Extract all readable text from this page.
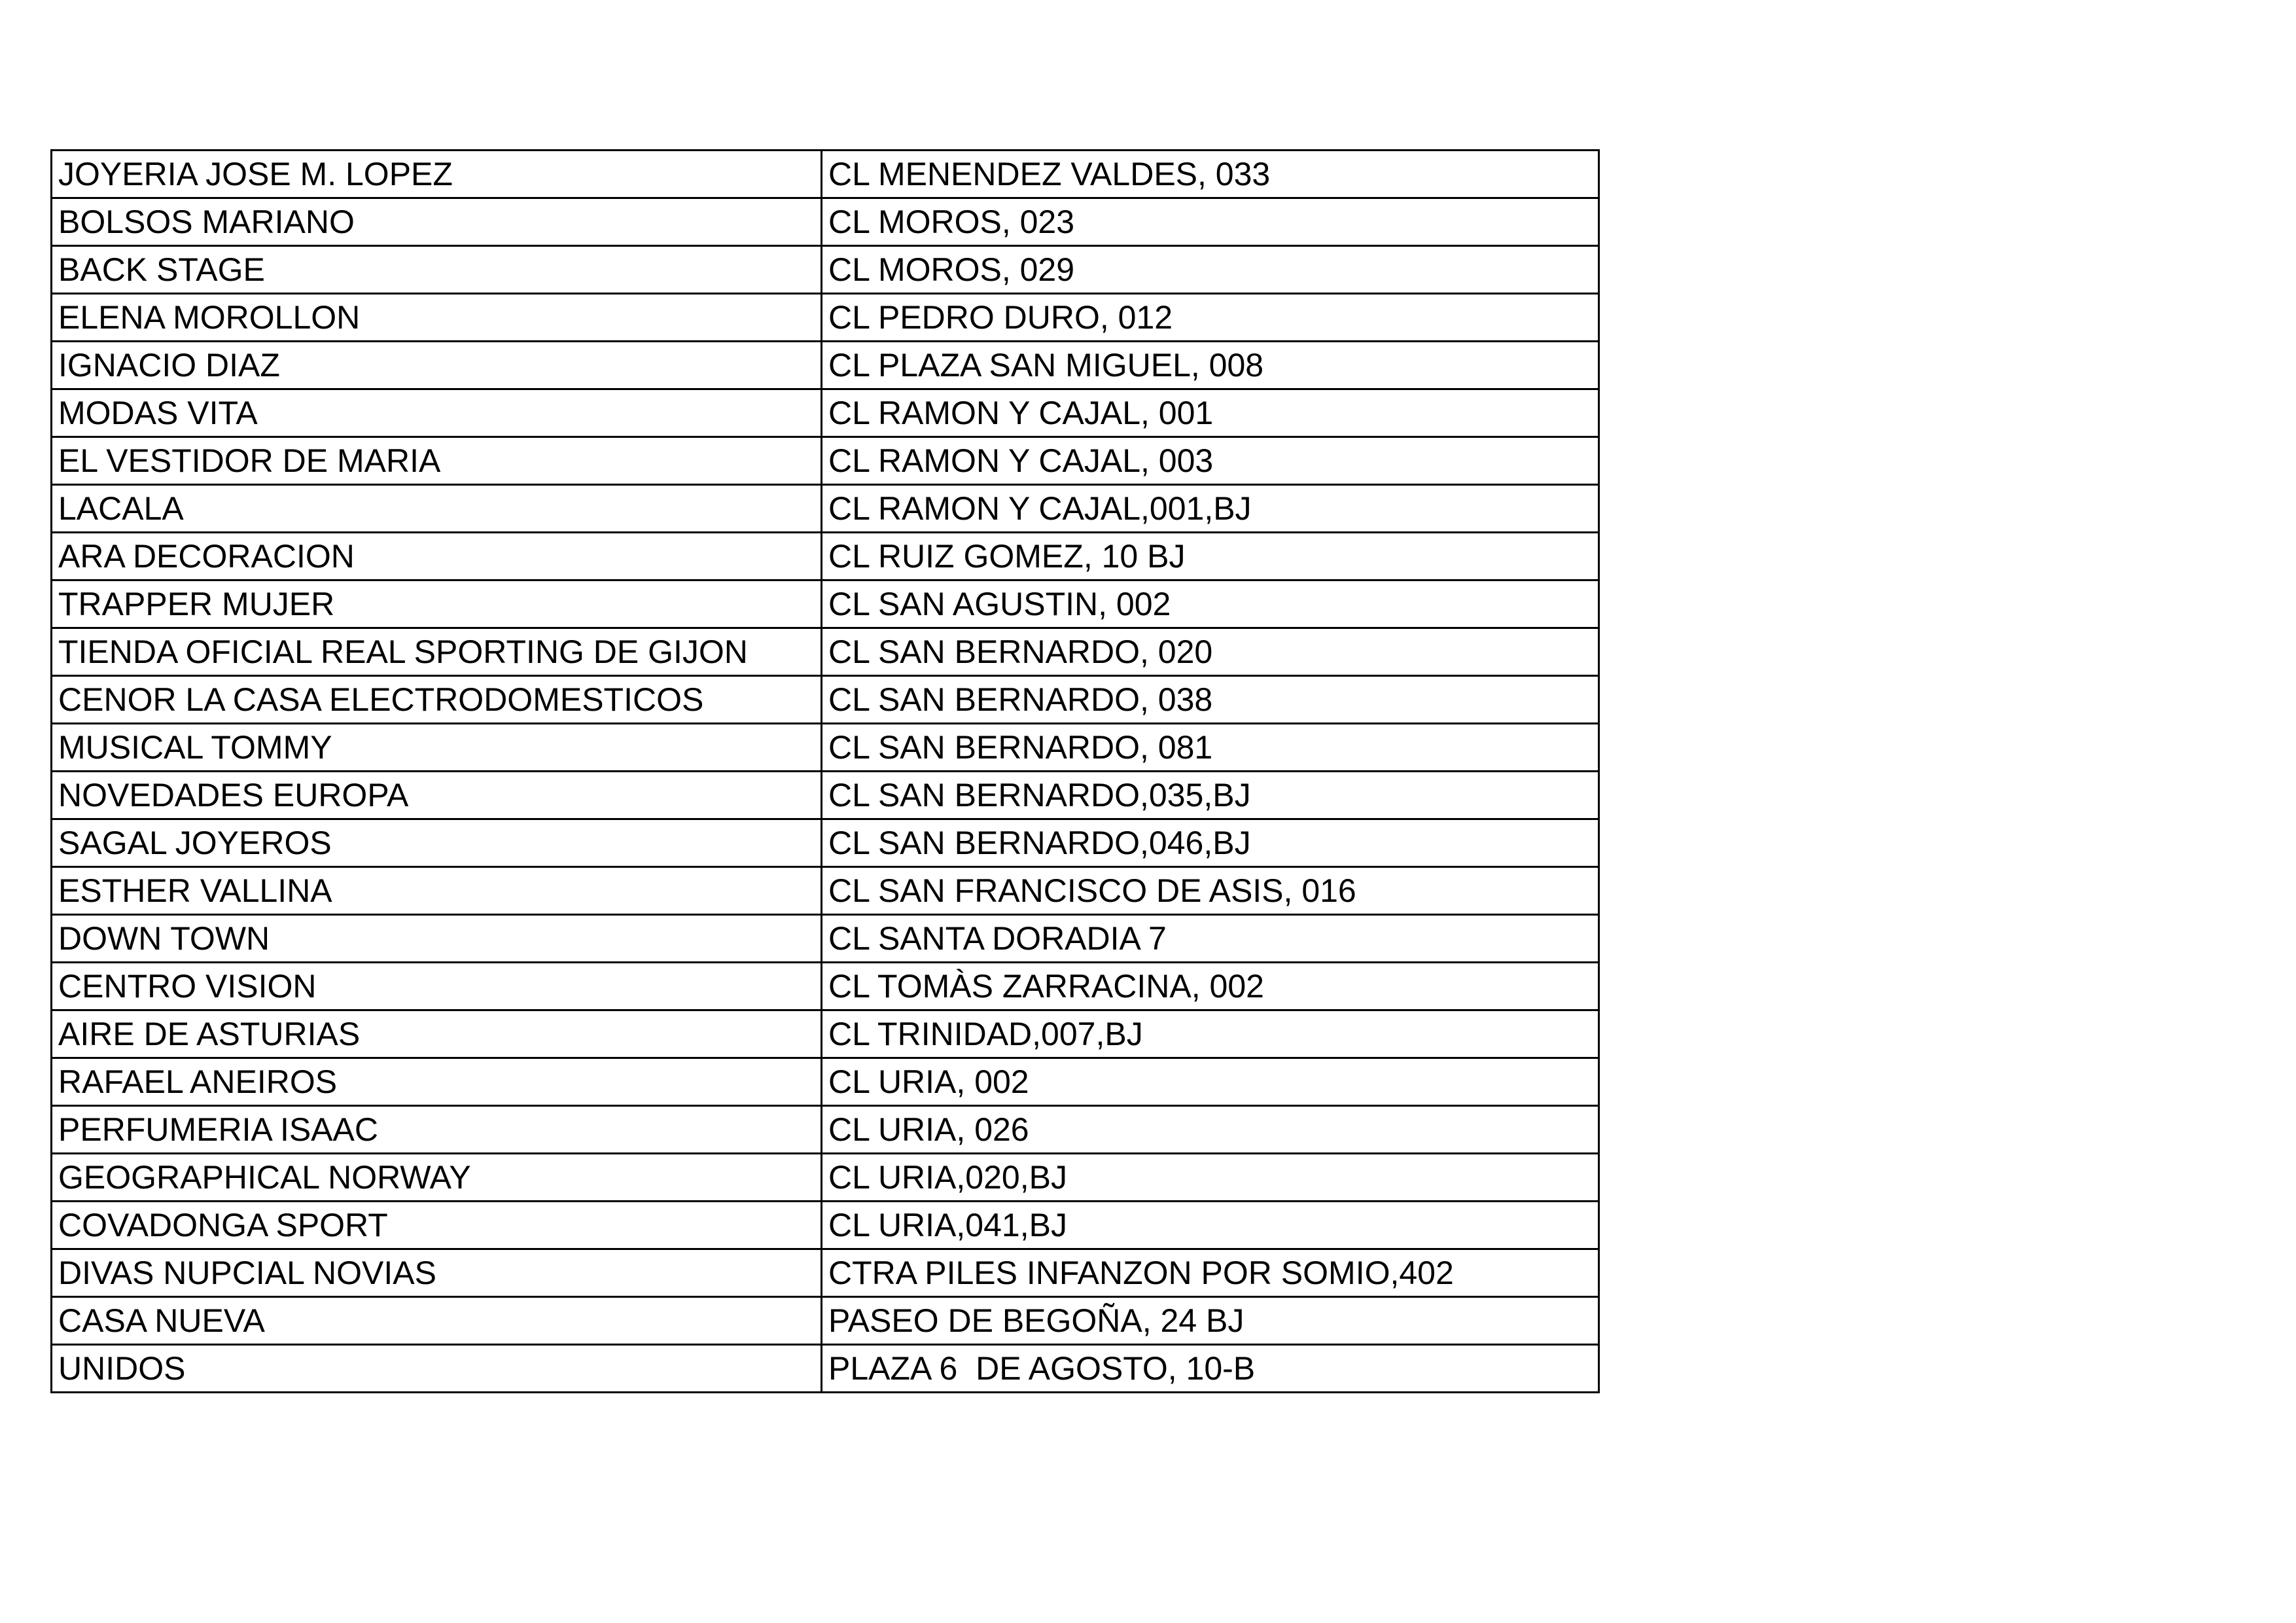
JOYERIA JOSE M. LOPEZ	CL MENENDEZ VALDES, 033
BOLSOS MARIANO	CL MOROS, 023
BACK STAGE	CL MOROS, 029
ELENA MOROLLON	CL PEDRO DURO, 012
IGNACIO DIAZ	CL PLAZA SAN MIGUEL, 008
MODAS VITA	CL RAMON Y CAJAL, 001
EL VESTIDOR DE MARIA	CL RAMON Y CAJAL, 003
LACALA	CL RAMON Y CAJAL,001,BJ
ARA DECORACION	CL RUIZ GOMEZ, 10 BJ
TRAPPER MUJER	CL SAN AGUSTIN, 002
TIENDA OFICIAL REAL SPORTING DE GIJON	CL SAN BERNARDO, 020
CENOR LA CASA ELECTRODOMESTICOS	CL SAN BERNARDO, 038
MUSICAL TOMMY	CL SAN BERNARDO, 081
NOVEDADES EUROPA	CL SAN BERNARDO,035,BJ
SAGAL JOYEROS	CL SAN BERNARDO,046,BJ
ESTHER VALLINA	CL SAN FRANCISCO DE ASIS, 016
DOWN TOWN	CL SANTA DORADIA 7
CENTRO VISION	CL TOMÀS ZARRACINA, 002
AIRE DE ASTURIAS	CL TRINIDAD,007,BJ
RAFAEL ANEIROS	CL URIA, 002
PERFUMERIA ISAAC	CL URIA, 026
GEOGRAPHICAL NORWAY	CL URIA,020,BJ
COVADONGA SPORT	CL URIA,041,BJ
DIVAS NUPCIAL NOVIAS	CTRA PILES INFANZON POR SOMIO,402
CASA NUEVA	PASEO DE BEGOÑA, 24 BJ
UNIDOS	PLAZA 6  DE AGOSTO, 10-B
